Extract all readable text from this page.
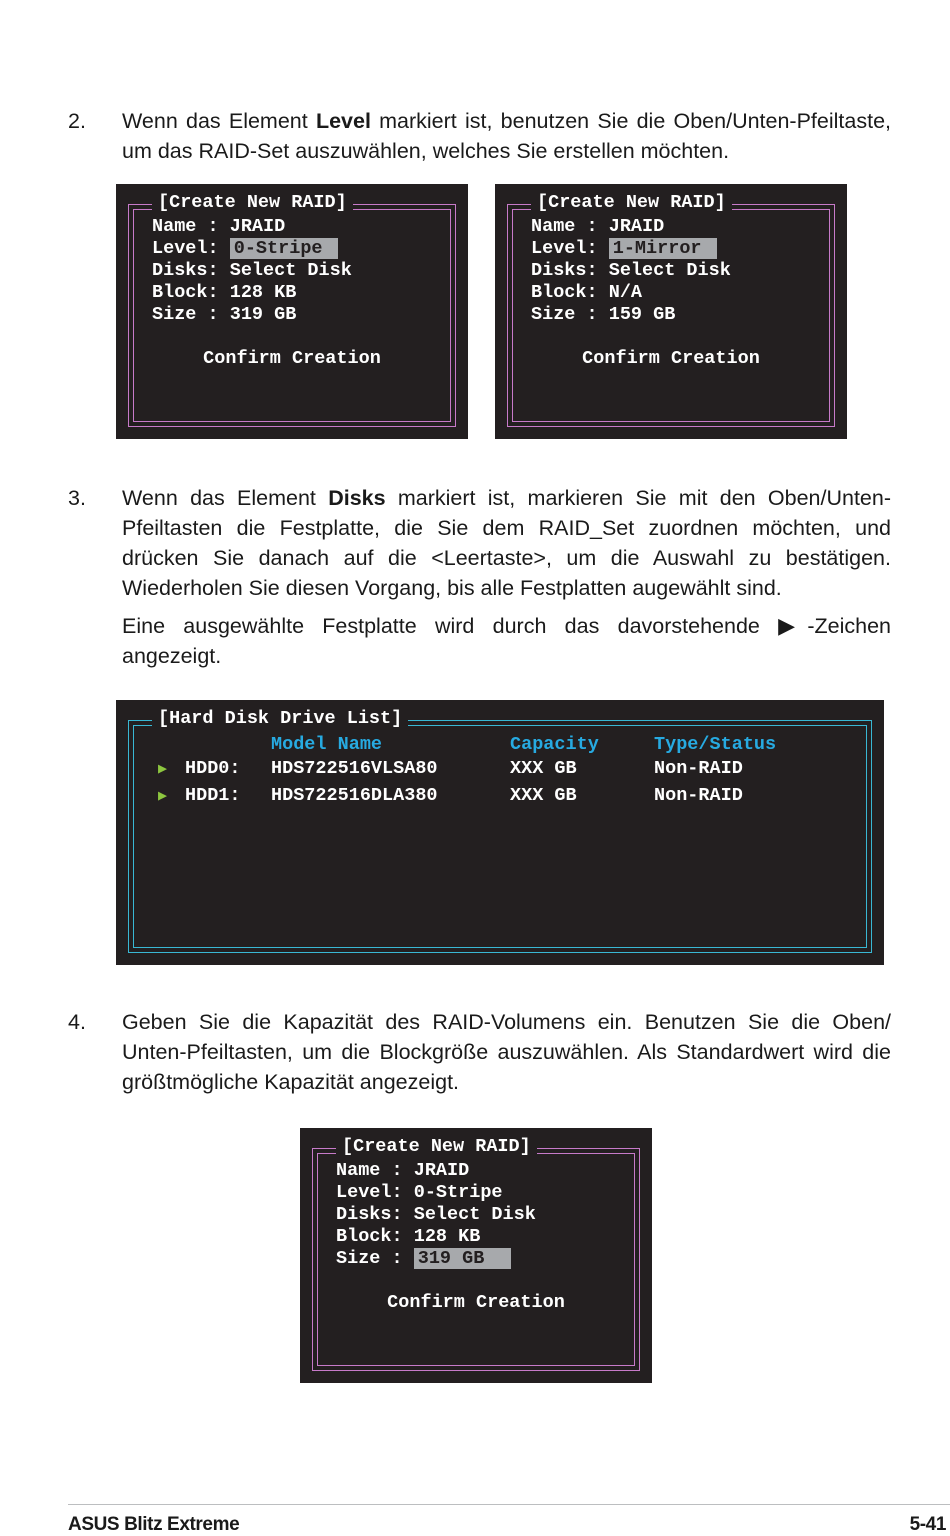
2. Wenn das Element Level markiert ist, benutzen Sie die Oben/Unten-Pfeiltaste, um das RAID-Set auszuwählen, welches Sie erstellen möchten.

[Create New RAID]
Name : JRAID
Level: 0-Stripe
Disks: Select Disk
Block: 128 KB
Size : 319 GB
Confirm Creation
[Create New RAID]
Name : JRAID
Level: 1-Mirror
Disks: Select Disk
Block: N/A
Size : 159 GB
Confirm Creation
3. Wenn das Element Disks markiert ist, markieren Sie mit den Oben/Unten-Pfeiltasten die Festplatte, die Sie dem RAID_Set zuordnen möchten, und drücken Sie danach auf die <Leertaste>, um die Auswahl zu bestätigen. Wiederholen Sie diesen Vorgang, bis alle Festplatten augewählt sind.

Eine ausgewählte Festplatte wird durch das davorstehende ▶-Zeichen angezeigt.

[Hard Disk Drive List]
Model Name	Capacity	Type/Status
▶ HDD0: HDS722516VLSA80	XXX GB	Non-RAID
▶ HDD1: HDS722516DLA380	XXX GB	Non-RAID
4. Geben Sie die Kapazität des RAID-Volumens ein. Benutzen Sie die Oben/ Unten-Pfeiltasten, um die Blockgröße auszuwählen. Als Standardwert wird die größtmögliche Kapazität angezeigt.

[Create New RAID]
Name : JRAID
Level: 0-Stripe
Disks: Select Disk
Block: 128 KB
Size : 319 GB
Confirm Creation
ASUS Blitz Extreme	5-41
